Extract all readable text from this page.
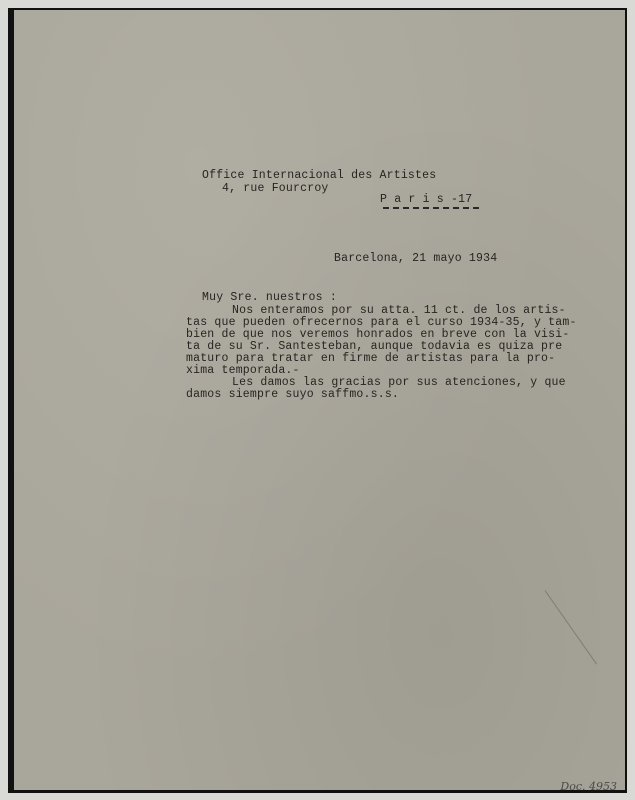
Office Internacional des Artistes
4, rue Fourcroy
P a r i s -17
Barcelona, 21 mayo 1934
Muy Sre. nuestros :
Nos enteramos por su atta. 11 ct. de los artis-
tas que pueden ofrecernos para el curso 1934-35, y tam-
bien de que nos veremos honrados en breve con la visi-
ta de su Sr. Santesteban, aunque todavia es quiza pre
maturo para tratar en firme de artistas para la pro-
xima temporada.-
Les damos las gracias por sus atenciones, y que
damos siempre suyo saffmo.s.s.
Doc. 4953
